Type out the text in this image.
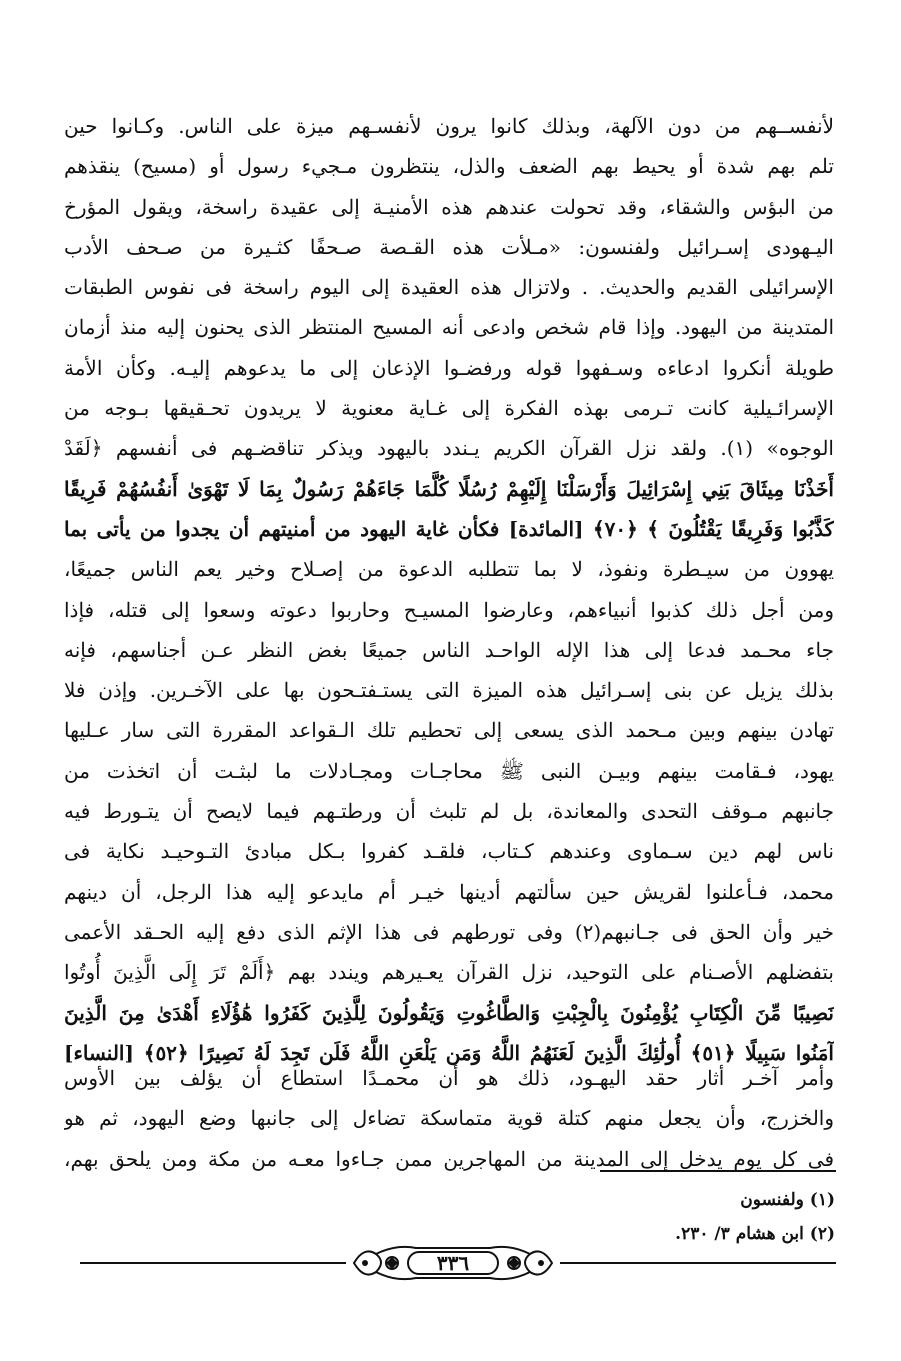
لأنفســهم من دون الآلهة، وبذلك كانوا يرون لأنفسـهم ميزة على الناس. وكـانوا حين
تلم بهم شدة أو يحيط بهم الضعف والذل، ينتظرون مـجيء رسول أو (مسيح) ينقذهم
من البؤس والشقاء، وقد تحولت عندهم هذه الأمنيـة إلى عقيدة راسخة، ويقول المؤرخ
اليـهودى إسـرائيل ولفنسون: «مـلأت هذه القـصة صـحفًا كثـيرة من صـحف الأدب
الإسرائيلى القديم والحديث. . ولاتزال هذه العقيدة إلى اليوم راسخة فى نفوس الطبقات
المتدينة من اليهود. وإذا قام شخص وادعى أنه المسيح المنتظر الذى يحنون إليه منذ أزمان
طويلة أنكروا ادعاءه وسـفهوا قوله ورفضـوا الإذعان إلى ما يدعوهم إليـه. وكأن الأمة
الإسرائـيلية كانت تـرمى بهذه الفكرة إلى غـاية معنوية لا يريدون تحـقيقها بـوجه من
الوجوه» (١). ولقد نزل القرآن الكريم يـندد باليهود ويذكر تناقضـهم فى أنفسهم ﴿لَقَدْ
أَخَذْنَا مِيثَاقَ بَنِي إِسْرَائِيلَ وَأَرْسَلْنَا إِلَيْهِمْ رُسُلًا كُلَّمَا جَاءَهُمْ رَسُولٌ بِمَا لَا تَهْوَىٰ أَنفُسُهُمْ فَرِيقًا
كَذَّبُوا وَفَرِيقًا يَقْتُلُونَ ﴾ ﴿٧٠﴾ [المائدة] فكأن غاية اليهود من أمنيتهم أن يجدوا من يأتى بما
يهوون من سيـطرة ونفوذ، لا بما تتطلبه الدعوة من إصـلاح وخير يعم الناس جميعًا،
ومن أجل ذلك كذبوا أنبياءهم، وعارضوا المسيـح وحاربوا دعوته وسعوا إلى قتله، فإذا
جاء محـمد فدعا إلى هذا الإله الواحـد الناس جميعًا بغض النظر عـن أجناسهم، فإنه
بذلك يزيل عن بنى إسـرائيل هذه الميزة التى يستـفتـحون بها على الآخـرين. وإذن فلا
تهادن بينهم وبين مـحمد الذى يسعى إلى تحطيم تلك الـقواعد المقررة التى سار عـليها
يهود، فـقامت بينهم وبيـن النبى ﷺ محاجـات ومجـادلات ما لبثـت أن اتخذت من
جانبهم مـوقف التحدى والمعاندة، بل لم تلبث أن ورطتـهم فيما لايصح أن يتـورط فيه
ناس لهم دين سـماوى وعندهم كـتاب، فلقـد كفروا بـكل مبادئ التـوحيـد نكاية فى
محمد، فـأعلنوا لقريش حين سألتهم أدينها خيـر أم مايدعو إليه هذا الرجل، أن دينهم
خير وأن الحق فى جـانبهم(٢) وفى تورطهم فى هذا الإثم الذى دفع إليه الحـقد الأعمى
بتفضلهم الأصـنام على التوحيد، نزل القرآن يعـيرهم ويندد بهم ﴿أَلَمْ تَرَ إِلَى الَّذِينَ أُوتُوا
نَصِيبًا مِّنَ الْكِتَابِ يُؤْمِنُونَ بِالْجِبْتِ وَالطَّاغُوتِ وَيَقُولُونَ لِلَّذِينَ كَفَرُوا هَٰؤُلَاءِ أَهْدَىٰ مِنَ الَّذِينَ
آمَنُوا سَبِيلًا ﴿٥١﴾ أُولَٰئِكَ الَّذِينَ لَعَنَهُمُ اللَّهُ وَمَن يَلْعَنِ اللَّهُ فَلَن تَجِدَ لَهُ نَصِيرًا ﴿٥٢﴾ [النساء]
وأمر آخـر أثار حقد اليهـود، ذلك هو أن محمـدًا استطاع أن يؤلف بين الأوس
والخزرج، وأن يجعل منهم كتلة قوية متماسكة تضاءل إلى جانبها وضع اليهود، ثم هو
فى كل يوم يدخل إلى المدينة من المهاجرين ممن جـاءوا معـه من مكة ومن يلحق بهم،
(١) ولفنسون
(٢) ابن هشام ٣/ ٢٣٠.
٣٣٦
